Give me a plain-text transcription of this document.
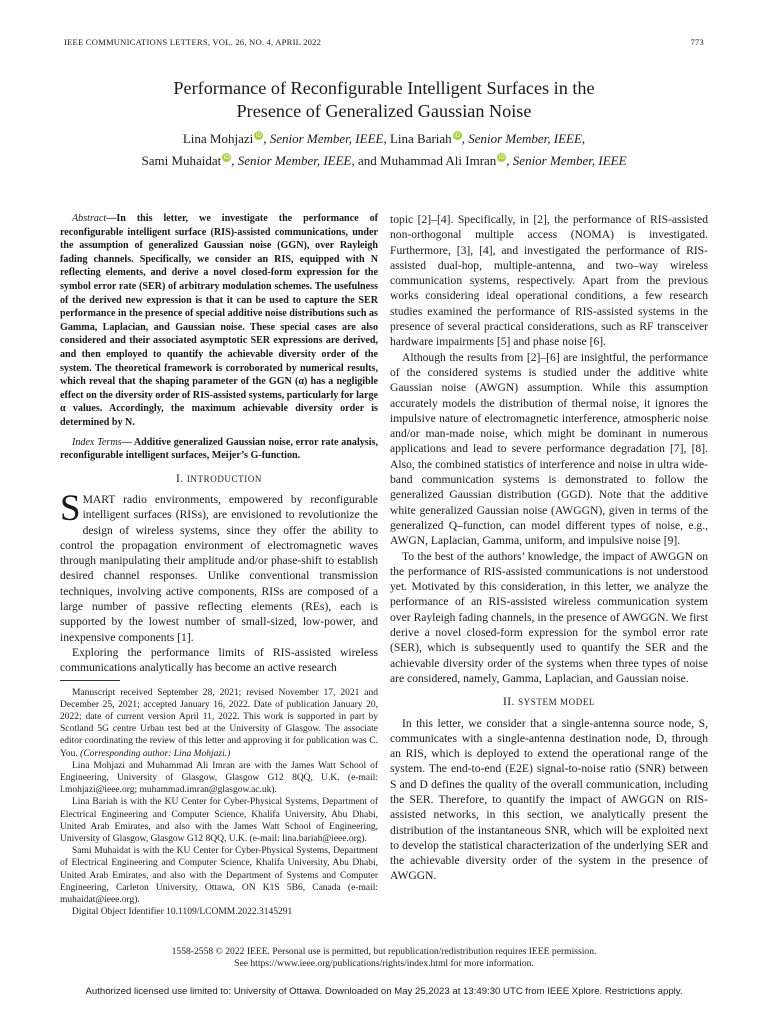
IEEE COMMUNICATIONS LETTERS, VOL. 26, NO. 4, APRIL 2022	773
Performance of Reconfigurable Intelligent Surfaces in the
Presence of Generalized Gaussian Noise
Lina Mohjazi iD, Senior Member, IEEE, Lina Bariah iD, Senior Member, IEEE,
Sami Muhaidat iD, Senior Member, IEEE, and Muhammad Ali Imran iD, Senior Member, IEEE

Abstract—In this letter, we investigate the performance of reconfigurable intelligent surface (RIS)-assisted communications, under the assumption of generalized Gaussian noise (GGN), over Rayleigh fading channels. Specifically, we consider an RIS, equipped with N reflecting elements, and derive a novel closed-form expression for the symbol error rate (SER) of arbitrary modulation schemes. The usefulness of the derived new expression is that it can be used to capture the SER performance in the presence of special additive noise distributions such as Gamma, Laplacian, and Gaussian noise. These special cases are also considered and their associated asymptotic SER expressions are derived, and then employed to quantify the achievable diversity order of the system. The theoretical framework is corroborated by numerical results, which reveal that the shaping parameter of the GGN (α) has a negligible effect on the diversity order of RIS-assisted systems, particularly for large α values. Accordingly, the maximum achievable diversity order is determined by N.

Index Terms— Additive generalized Gaussian noise, error rate analysis, reconfigurable intelligent surfaces, Meijer’s G-function.

I. INTRODUCTION

SMART radio environments, empowered by reconfigurable intelligent surfaces (RISs), are envisioned to revolutionize the design of wireless systems, since they offer the ability to control the propagation environment of electromagnetic waves through manipulating their amplitude and/or phase-shift to establish desired channel responses. Unlike conventional transmission techniques, involving active components, RISs are composed of a large number of passive reflecting elements (REs), each is supported by the lowest number of small-sized, low-power, and inexpensive components [1].

Exploring the performance limits of RIS-assisted wireless communications analytically has become an active research

Manuscript received September 28, 2021; revised November 17, 2021 and December 25, 2021; accepted January 16, 2022. Date of publication January 20, 2022; date of current version April 11, 2022. This work is supported in part by Scotland 5G centre Urban test bed at the University of Glasgow. The associate editor coordinating the review of this letter and approving it for publication was C. You. (Corresponding author: Lina Mohjazi.)

Lina Mohjazi and Muhammad Ali Imran are with the James Watt School of Engineering, University of Glasgow, Glasgow G12 8QQ, U.K. (e-mail: l.mohjazi@ieee.org; muhammad.imran@glasgow.ac.uk).

Lina Bariah is with the KU Center for Cyber-Physical Systems, Department of Electrical Engineering and Computer Science, Khalifa University, Abu Dhabi, United Arab Emirates, and also with the James Watt School of Engineering, University of Glasgow, Glasgow G12 8QQ, U.K. (e-mail: lina.bariah@ieee.org).

Sami Muhaidat is with the KU Center for Cyber-Physical Systems, Department of Electrical Engineering and Computer Science, Khalifa University, Abu Dhabi, United Arab Emirates, and also with the Department of Systems and Computer Engineering, Carleton University, Ottawa, ON K1S 5B6, Canada (e-mail: muhaidat@ieee.org).

Digital Object Identifier 10.1109/LCOMM.2022.3145291

topic [2]–[4]. Specifically, in [2], the performance of RIS-assisted non-orthogonal multiple access (NOMA) is investigated. Furthermore, [3], [4], and investigated the performance of RIS-assisted dual-hop, multiple-antenna, and two–way wireless communication systems, respectively. Apart from the previous works considering ideal operational conditions, a few research studies examined the performance of RIS-assisted systems in the presence of several practical considerations, such as RF transceiver hardware impairments [5] and phase noise [6].

Although the results from [2]–[6] are insightful, the performance of the considered systems is studied under the additive white Gaussian noise (AWGN) assumption. While this assumption accurately models the distribution of thermal noise, it ignores the impulsive nature of electromagnetic interference, atmospheric noise and/or man-made noise, which might be dominant in numerous applications and lead to severe performance degradation [7], [8]. Also, the combined statistics of interference and noise in ultra wide-band communication systems is demonstrated to follow the generalized Gaussian distribution (GGD). Note that the additive white generalized Gaussian noise (AWGGN), given in terms of the generalized Q–function, can model different types of noise, e.g., AWGN, Laplacian, Gamma, uniform, and impulsive noise [9].

To the best of the authors’ knowledge, the impact of AWGGN on the performance of RIS-assisted communications is not understood yet. Motivated by this consideration, in this letter, we analyze the performance of an RIS-assisted wireless communication system over Rayleigh fading channels, in the presence of AWGGN. We first derive a novel closed-form expression for the symbol error rate (SER), which is subsequently used to quantify the SER and the achievable diversity order of the systems when three types of noise are considered, namely, Gamma, Laplacian, and Gaussian noise.

II. SYSTEM MODEL

In this letter, we consider that a single-antenna source node, S, communicates with a single-antenna destination node, D, through an RIS, which is deployed to extend the operational range of the system. The end-to-end (E2E) signal-to-noise ratio (SNR) between S and D defines the quality of the overall communication, including the SER. Therefore, to quantify the impact of AWGGN on RIS-assisted networks, in this section, we analytically present the distribution of the instantaneous SNR, which will be exploited next to develop the statistical characterization of the underlying SER and the achievable diversity order of the system in the presence of AWGGN.

1558-2558 © 2022 IEEE. Personal use is permitted, but republication/redistribution requires IEEE permission.
See https://www.ieee.org/publications/rights/index.html for more information.
Authorized licensed use limited to: University of Ottawa. Downloaded on May 25,2023 at 13:49:30 UTC from IEEE Xplore. Restrictions apply.
